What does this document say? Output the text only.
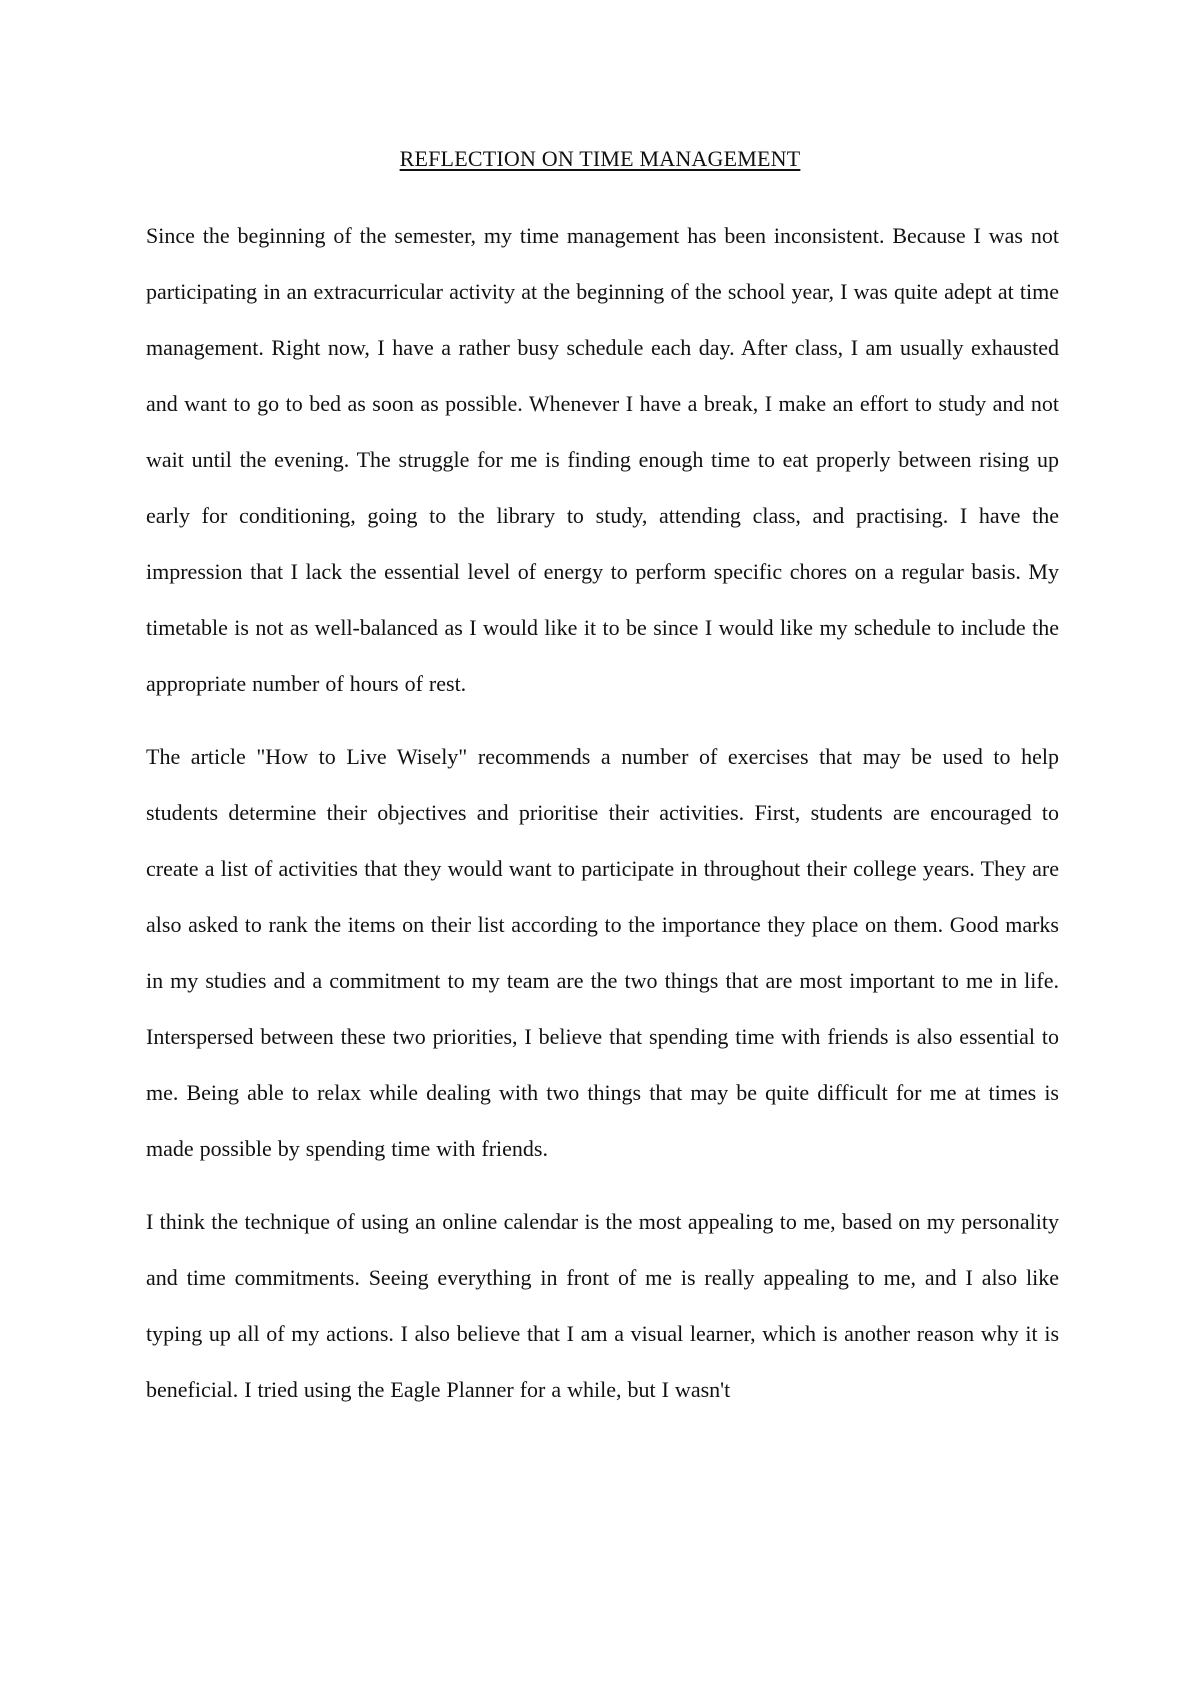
REFLECTION ON TIME MANAGEMENT

Since the beginning of the semester, my time management has been inconsistent. Because I was not participating in an extracurricular activity at the beginning of the school year, I was quite adept at time management. Right now, I have a rather busy schedule each day. After class, I am usually exhausted and want to go to bed as soon as possible. Whenever I have a break, I make an effort to study and not wait until the evening. The struggle for me is finding enough time to eat properly between rising up early for conditioning, going to the library to study, attending class, and practising. I have the impression that I lack the essential level of energy to perform specific chores on a regular basis. My timetable is not as well-balanced as I would like it to be since I would like my schedule to include the appropriate number of hours of rest.

The article "How to Live Wisely" recommends a number of exercises that may be used to help students determine their objectives and prioritise their activities. First, students are encouraged to create a list of activities that they would want to participate in throughout their college years. They are also asked to rank the items on their list according to the importance they place on them. Good marks in my studies and a commitment to my team are the two things that are most important to me in life. Interspersed between these two priorities, I believe that spending time with friends is also essential to me. Being able to relax while dealing with two things that may be quite difficult for me at times is made possible by spending time with friends.

I think the technique of using an online calendar is the most appealing to me, based on my personality and time commitments. Seeing everything in front of me is really appealing to me, and I also like typing up all of my actions. I also believe that I am a visual learner, which is another reason why it is beneficial. I tried using the Eagle Planner for a while, but I wasn't
